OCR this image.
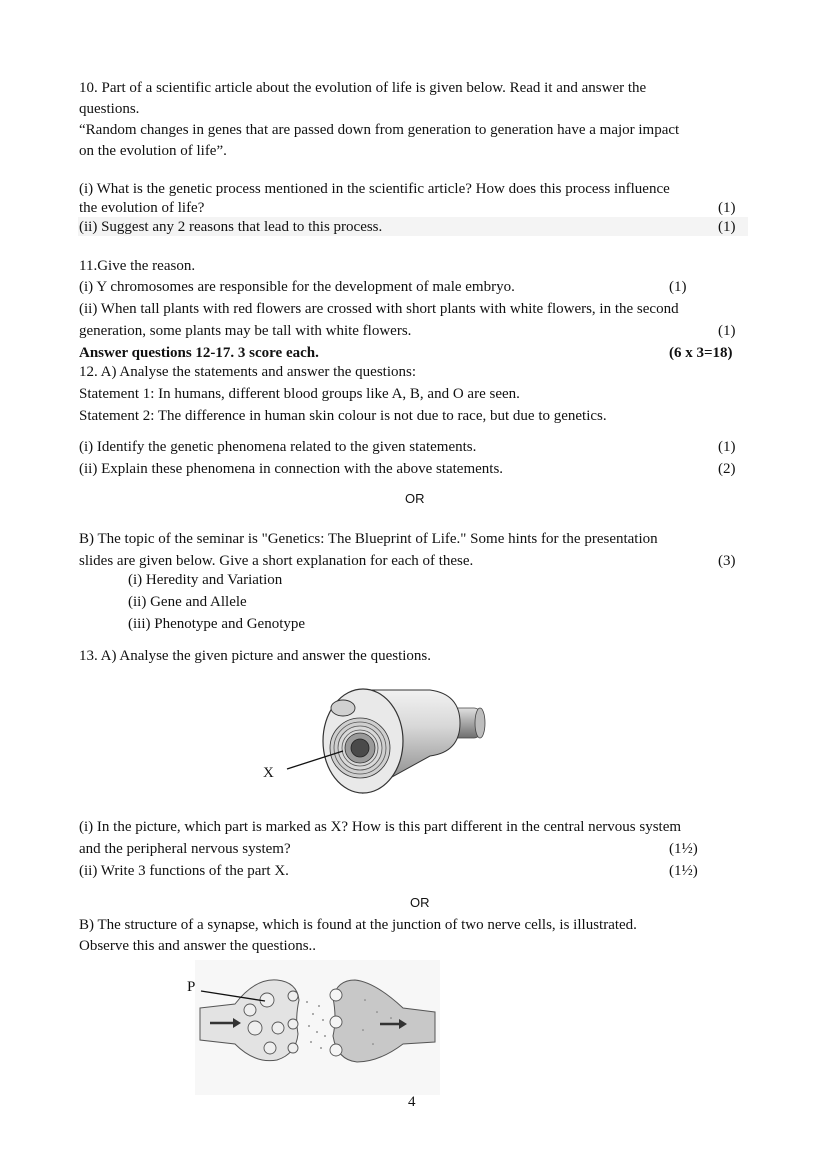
10. Part of a scientific article about the evolution of life is given below. Read it and answer the
questions.
“Random changes in genes that are passed down from generation to generation have a major impact
on the evolution of life”.
(i) What is the genetic process mentioned in the scientific article? How does this process influence
the evolution of life?	(1)
(ii) Suggest any 2 reasons that lead to this process.	(1)
11.Give the reason.
(i) Y chromosomes are responsible for the development of male embryo.	(1)
(ii) When tall plants with red flowers are crossed with short plants with white flowers, in the second
generation, some plants may be tall with white flowers.	(1)
Answer questions 12-17. 3 score each.	(6 x 3=18)
12. A) Analyse the statements and answer the questions:
Statement 1: In humans, different blood groups like A, B, and O are seen.
Statement 2: The difference in human skin colour is not due to race, but due to genetics.
(i) Identify the genetic phenomena related to the given statements.	(1)
(ii) Explain these phenomena in connection with the above statements.	(2)
OR
B) The topic of the seminar is "Genetics: The Blueprint of Life." Some hints for the presentation
slides are given below. Give a short explanation for each of these.	(3)
(i) Heredity and Variation
(ii) Gene and Allele
(iii) Phenotype and Genotype
13. A) Analyse the given picture and answer the questions.
X
(i) In the picture, which part is marked as X? How is this part different in the central nervous system
and the peripheral nervous system?	(1½)
(ii) Write 3 functions of the part X.	(1½)
OR
B) The structure of a synapse, which is found at the junction of two nerve cells, is illustrated.
Observe this and answer the questions..
P
4
